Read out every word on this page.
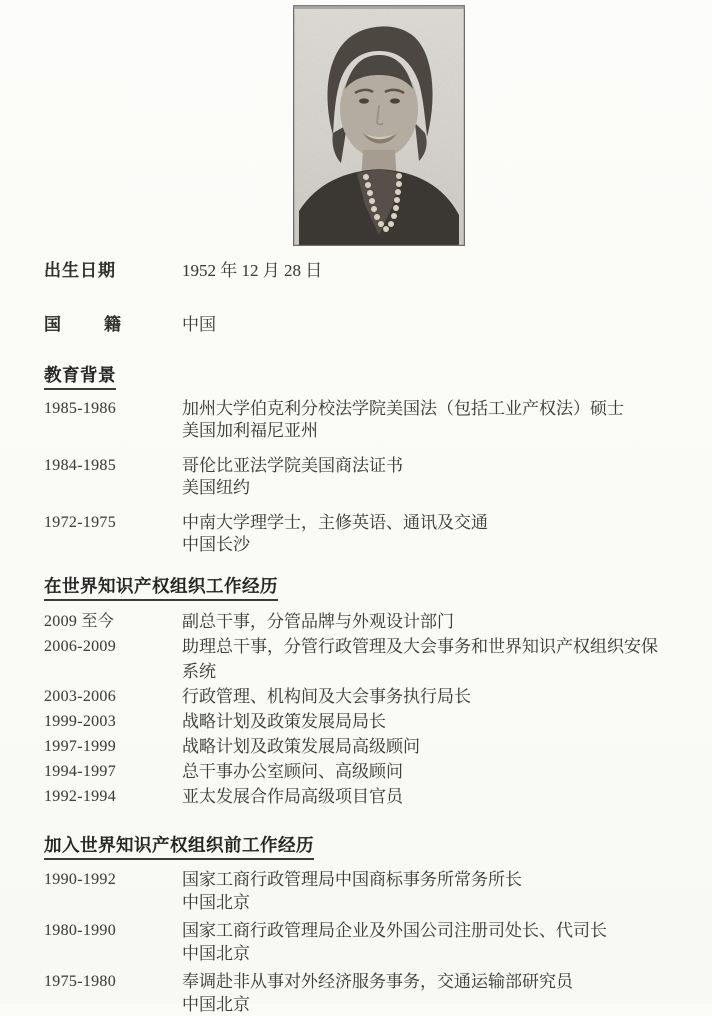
出生日期	1952 年 12 月 28 日
国　籍	中国
教育背景
1985-1986	加州大学伯克利分校法学院美国法（包括工业产权法）硕士
美国加利福尼亚州
1984-1985	哥伦比亚法学院美国商法证书
美国纽约
1972-1975	中南大学理学士，主修英语、通讯及交通
中国长沙
在世界知识产权组织工作经历
2009 至今	副总干事，分管品牌与外观设计部门
2006-2009	助理总干事，分管行政管理及大会事务和世界知识产权组织安保
系统
2003-2006	行政管理、机构间及大会事务执行局长
1999-2003	战略计划及政策发展局局长
1997-1999	战略计划及政策发展局高级顾问
1994-1997	总干事办公室顾问、高级顾问
1992-1994	亚太发展合作局高级项目官员
加入世界知识产权组织前工作经历
1990-1992	国家工商行政管理局中国商标事务所常务所长
中国北京
1980-1990	国家工商行政管理局企业及外国公司注册司处长、代司长
中国北京
1975-1980	奉调赴非从事对外经济服务事务，交通运输部研究员
中国北京
